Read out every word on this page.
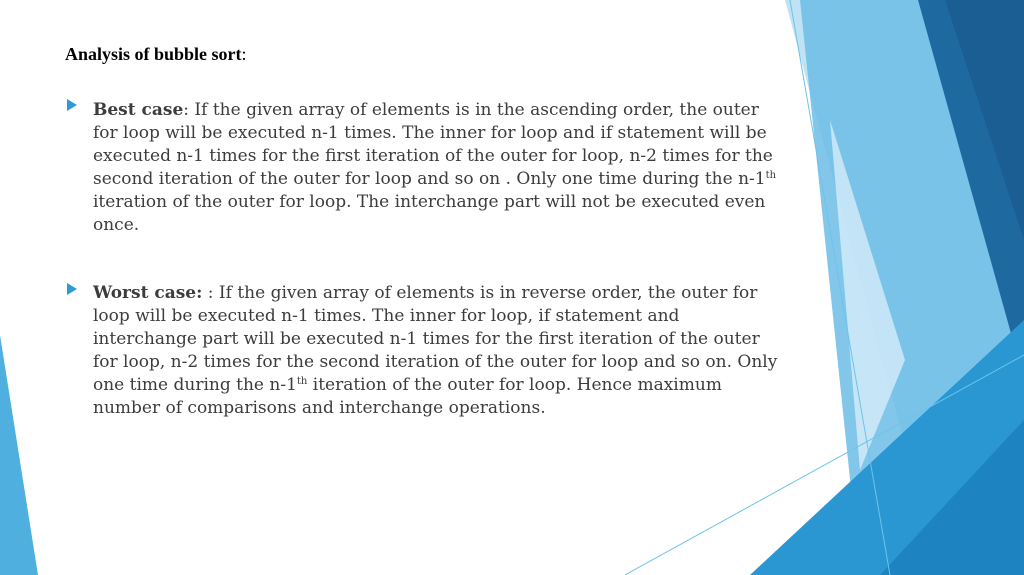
Analysis of bubble sort:

Best case: If the given array of elements is in the ascending order, the outer for loop will be executed n-1 times. The inner for loop and if statement will be executed n-1 times for the first iteration of the outer for loop, n-2 times for the second iteration of the outer for loop and so on . Only one time during the n-1th iteration of the outer for loop. The interchange part will not be executed even once.

Worst case: : If the given array of elements is in reverse order, the outer for loop will be executed n-1 times. The inner for loop, if statement and interchange part will be executed n-1 times for the first iteration of the outer for loop, n-2 times for the second iteration of the outer for loop and so on. Only one time during the n-1th iteration of the outer for loop. Hence maximum number of comparisons and interchange operations.
